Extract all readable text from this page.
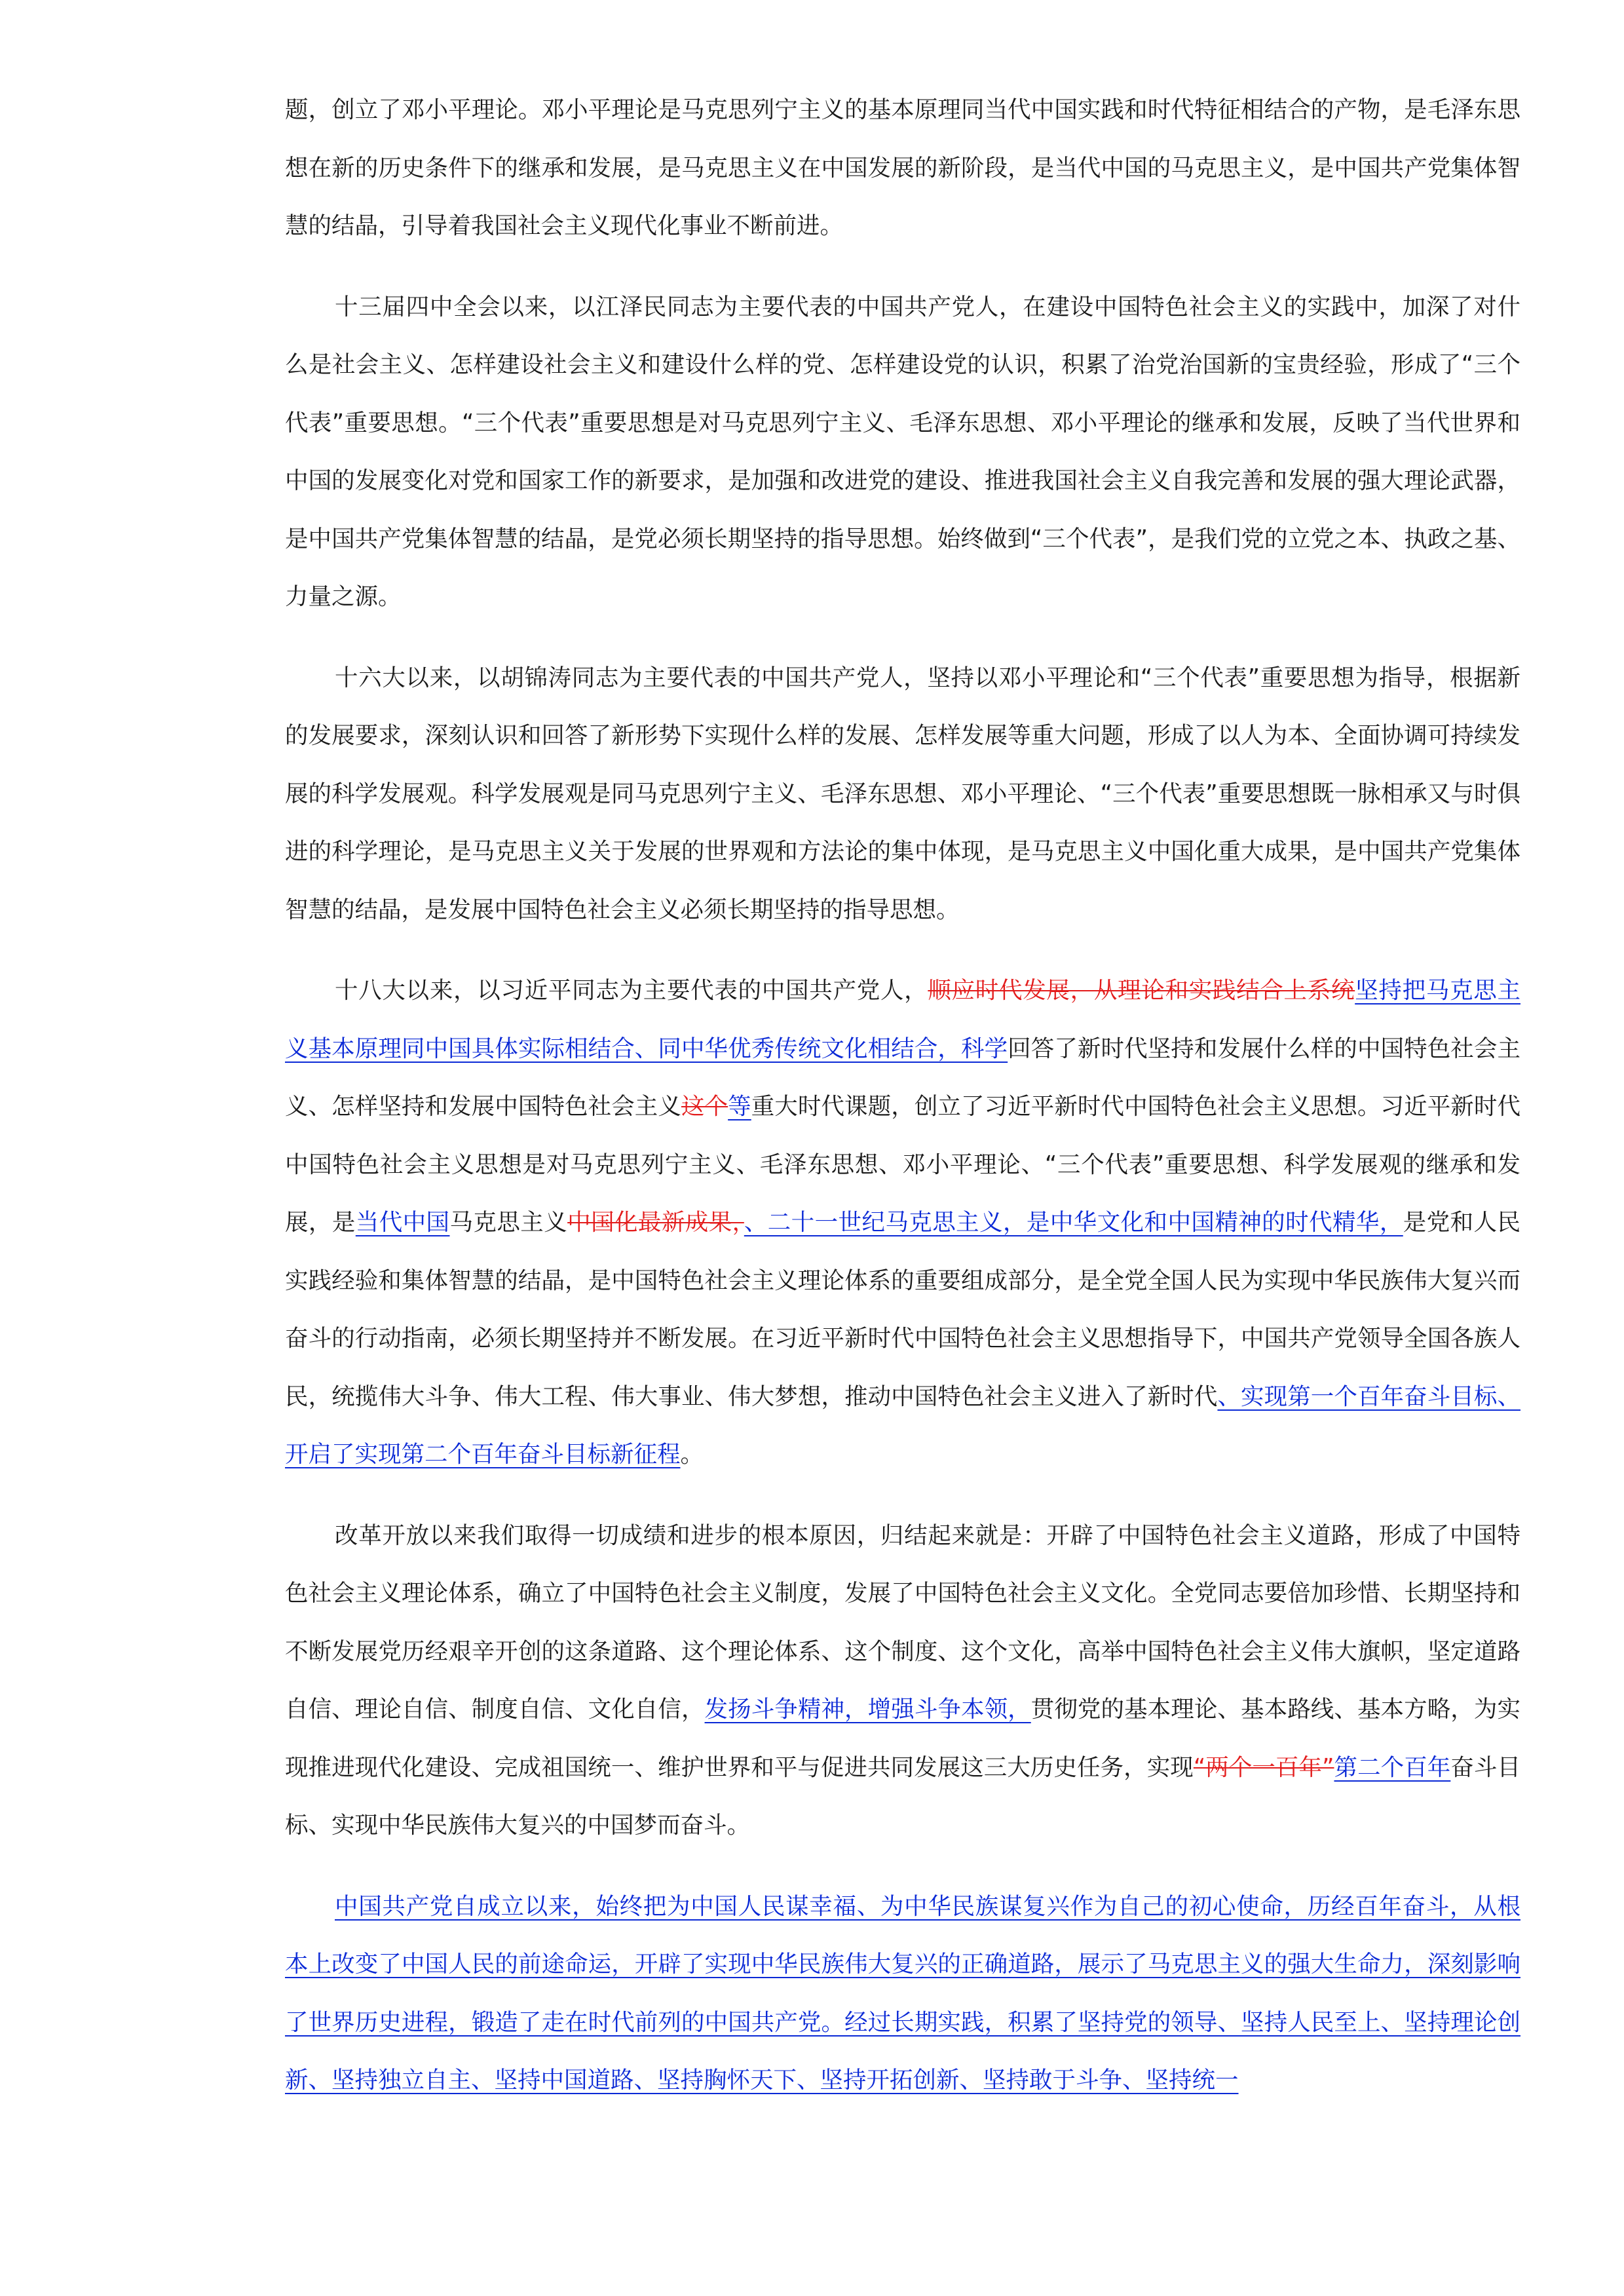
题，创立了邓小平理论。邓小平理论是马克思列宁主义的基本原理同当代中国实践和时代特征相结合的产物，是毛泽东思想在新的历史条件下的继承和发展，是马克思主义在中国发展的新阶段，是当代中国的马克思主义，是中国共产党集体智慧的结晶，引导着我国社会主义现代化事业不断前进。

十三届四中全会以来，以江泽民同志为主要代表的中国共产党人，在建设中国特色社会主义的实践中，加深了对什么是社会主义、怎样建设社会主义和建设什么样的党、怎样建设党的认识，积累了治党治国新的宝贵经验，形成了“三个代表”重要思想。“三个代表”重要思想是对马克思列宁主义、毛泽东思想、邓小平理论的继承和发展，反映了当代世界和中国的发展变化对党和国家工作的新要求，是加强和改进党的建设、推进我国社会主义自我完善和发展的强大理论武器，是中国共产党集体智慧的结晶，是党必须长期坚持的指导思想。始终做到“三个代表”，是我们党的立党之本、执政之基、力量之源。

十六大以来，以胡锦涛同志为主要代表的中国共产党人，坚持以邓小平理论和“三个代表”重要思想为指导，根据新的发展要求，深刻认识和回答了新形势下实现什么样的发展、怎样发展等重大问题，形成了以人为本、全面协调可持续发展的科学发展观。科学发展观是同马克思列宁主义、毛泽东思想、邓小平理论、“三个代表”重要思想既一脉相承又与时俱进的科学理论，是马克思主义关于发展的世界观和方法论的集中体现，是马克思主义中国化重大成果，是中国共产党集体智慧的结晶，是发展中国特色社会主义必须长期坚持的指导思想。

十八大以来，以习近平同志为主要代表的中国共产党人，顺应时代发展，从理论和实践结合上系统坚持把马克思主义基本原理同中国具体实际相结合、同中华优秀传统文化相结合，科学回答了新时代坚持和发展什么样的中国特色社会主义、怎样坚持和发展中国特色社会主义这个等重大时代课题，创立了习近平新时代中国特色社会主义思想。习近平新时代中国特色社会主义思想是对马克思列宁主义、毛泽东思想、邓小平理论、“三个代表”重要思想、科学发展观的继承和发展，是当代中国马克思主义中国化最新成果，、二十一世纪马克思主义，是中华文化和中国精神的时代精华，是党和人民实践经验和集体智慧的结晶，是中国特色社会主义理论体系的重要组成部分，是全党全国人民为实现中华民族伟大复兴而奋斗的行动指南，必须长期坚持并不断发展。在习近平新时代中国特色社会主义思想指导下，中国共产党领导全国各族人民，统揽伟大斗争、伟大工程、伟大事业、伟大梦想，推动中国特色社会主义进入了新时代、实现第一个百年奋斗目标、开启了实现第二个百年奋斗目标新征程。

改革开放以来我们取得一切成绩和进步的根本原因，归结起来就是：开辟了中国特色社会主义道路，形成了中国特色社会主义理论体系，确立了中国特色社会主义制度，发展了中国特色社会主义文化。全党同志要倍加珍惜、长期坚持和不断发展党历经艰辛开创的这条道路、这个理论体系、这个制度、这个文化，高举中国特色社会主义伟大旗帜，坚定道路自信、理论自信、制度自信、文化自信，发扬斗争精神，增强斗争本领，贯彻党的基本理论、基本路线、基本方略，为实现推进现代化建设、完成祖国统一、维护世界和平与促进共同发展这三大历史任务，实现“两个一百年”第二个百年奋斗目标、实现中华民族伟大复兴的中国梦而奋斗。

中国共产党自成立以来，始终把为中国人民谋幸福、为中华民族谋复兴作为自己的初心使命，历经百年奋斗，从根本上改变了中国人民的前途命运，开辟了实现中华民族伟大复兴的正确道路，展示了马克思主义的强大生命力，深刻影响了世界历史进程，锻造了走在时代前列的中国共产党。经过长期实践，积累了坚持党的领导、坚持人民至上、坚持理论创新、坚持独立自主、坚持中国道路、坚持胸怀天下、坚持开拓创新、坚持敢于斗争、坚持统一
